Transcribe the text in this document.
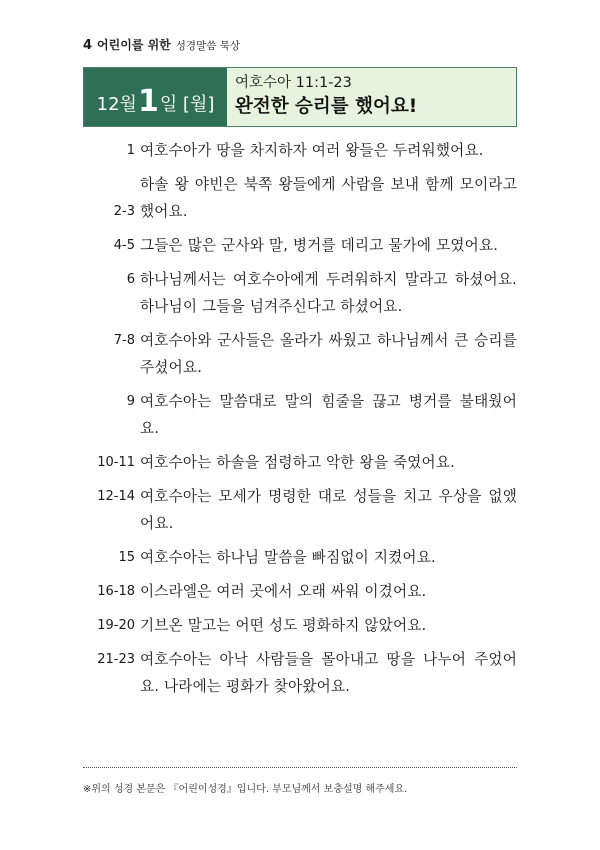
4 어린이를 위한 성경말씀 묵상
12월 1 일 [월]
여호수아 11:1-23
완전한 승리를 했어요!
1 여호수아가 땅을 차지하자 여러 왕들은 두려워했어요.
2-3
하솔 왕 야빈은 북쪽 왕들에게 사람을 보내 함께 모이라고 했어요.
4-5 그들은 많은 군사와 말, 병거를 데리고 물가에 모였어요.
6 하나님께서는 여호수아에게 두려워하지 말라고 하셨어요. 하나님이 그들을 넘겨주신다고 하셨어요.
7-8 여호수아와 군사들은 올라가 싸웠고 하나님께서 큰 승리를 주셨어요.
9 여호수아는 말씀대로 말의 힘줄을 끊고 병거를 불태웠어요.
10-11 여호수아는 하솔을 점령하고 악한 왕을 죽였어요.
12-14 여호수아는 모세가 명령한 대로 성들을 치고 우상을 없앴어요.
15 여호수아는 하나님 말씀을 빠짐없이 지켰어요.
16-18 이스라엘은 여러 곳에서 오래 싸워 이겼어요.
19-20 기브온 말고는 어떤 성도 평화하지 않았어요.
21-23 여호수아는 아낙 사람들을 몰아내고 땅을 나누어 주었어요. 나라에는 평화가 찾아왔어요.
※위의 성경 본문은 『어린이성경』입니다. 부모님께서 보충설명 해주세요.
